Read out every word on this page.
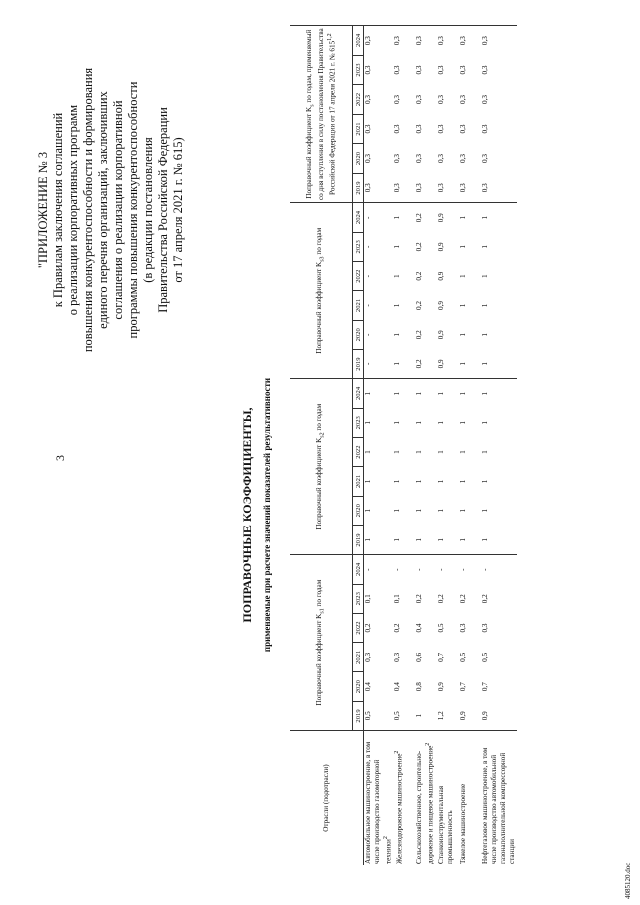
3
"ПРИЛОЖЕНИЕ № 3 к Правилам заключения соглашений о реализации корпоративных программ повышения конкурентоспособности и формирования единого перечня организаций, заключивших соглашения о реализации корпоративной программы повышения конкурентоспособности (в редакции постановления Правительства Российской Федерации от 17 апреля 2021 г. № 615)
ПОПРАВОЧНЫЕ КОЭФФИЦИЕНТЫ, применяемые при расчете значений показателей результативности
Отрасли (подотрасли)	Поправочный коэффициент $K_{s1}$ по годам						Поправочный коэффициент $K_{s2}$ по годам						Поправочный коэффициент $K_{s3}$ по годам						Поправочный коэффициент $K_s$ по годам, применяемый со дня вступления в силу постановления Правительства Российской Федерации от 17 апреля 2021 г. № 615$^{1,2}$
	2019	2020	2021	2022	2023	2024	2019	2020	2021	2022	2023	2024	2019	2020	2021	2022	2023	2024	2019	2020	2021	2022	2023	2024
Автомобильное машиностроение, в том числе производство газомоторной техники$^2$	0,5	0,4	0,3	0,2	0,1	-	1	1	1	1	1	1	-	-	-	-	-	-	0,3	0,3	0,3	0,3	0,3	0,3
Железнодорожное машиностроение$^2$	0,5	0,4	0,3	0,2	0,1	-	1	1	1	1	1	1	1	1	1	1	1	1	0,3	0,3	0,3	0,3	0,3	0,3
Сельскохозяйственное, строительно-дорожное и пищевое машиностроение$^2$	1	0,8	0,6	0,4	0,2	-	1	1	1	1	1	1	0,2	0,2	0,2	0,2	0,2	0,2	0,3	0,3	0,3	0,3	0,3	0,3
Станкоинструментальная промышленность	1,2	0,9	0,7	0,5	0,2	-	1	1	1	1	1	1	0,9	0,9	0,9	0,9	0,9	0,9	0,3	0,3	0,3	0,3	0,3	0,3
Тяжелое машиностроение	0,9	0,7	0,5	0,3	0,2	-	1	1	1	1	1	1	1	1	1	1	1	1	0,3	0,3	0,3	0,3	0,3	0,3
Нефтегазовое машиностроение, в том числе производство автомобильной газонаполнительной компрессорной станции	0,9	0,7	0,5	0,3	0,2	-	1	1	1	1	1	1	1	1	1	1	1	1	0,3	0,3	0,3	0,3	0,3	0,3
4085120.doc
